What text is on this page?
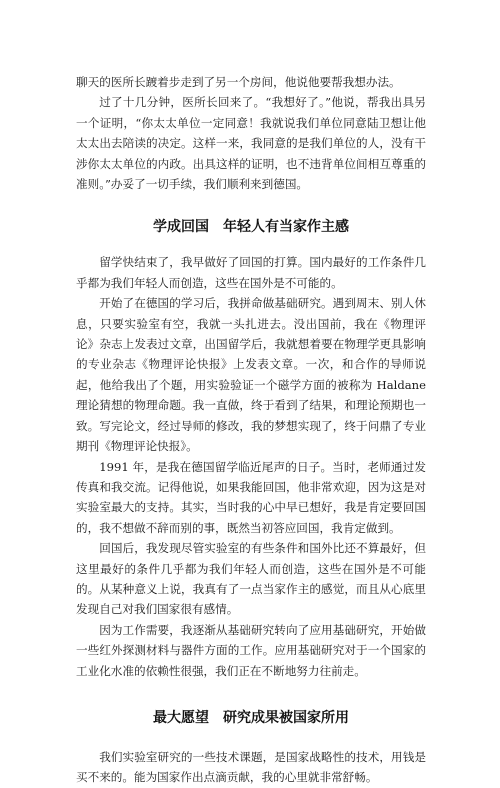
聊天的医所长踱着步走到了另一个房间，他说他要帮我想办法。

过了十几分钟，医所长回来了。“我想好了。”他说，帮我出具另一个证明，“你太太单位一定同意！我就说我们单位同意陆卫想让他太太出去陪读的决定。这样一来，我同意的是我们单位的人，没有干涉你太太单位的内政。出具这样的证明，也不违背单位间相互尊重的准则。”办妥了一切手续，我们顺利来到德国。

学成回国　年轻人有当家作主感

留学快结束了，我早做好了回国的打算。国内最好的工作条件几乎都为我们年轻人而创造，这些在国外是不可能的。

开始了在德国的学习后，我拼命做基础研究。遇到周末、别人休息，只要实验室有空，我就一头扎进去。没出国前，我在《物理评论》杂志上发表过文章，出国留学后，我就想着要在物理学更具影响的专业杂志《物理评论快报》上发表文章。一次，和合作的导师说起，他给我出了个题，用实验验证一个磁学方面的被称为 Haldane 理论猜想的物理命题。我一直做，终于看到了结果，和理论预期也一致。写完论文，经过导师的修改，我的梦想实现了，终于问鼎了专业期刊《物理评论快报》。

1991 年，是我在德国留学临近尾声的日子。当时，老师通过发传真和我交流。记得他说，如果我能回国，他非常欢迎，因为这是对实验室最大的支持。其实，当时我的心中早已想好，我是肯定要回国的，我不想做不辞而别的事，既然当初答应回国，我肯定做到。

回国后，我发现尽管实验室的有些条件和国外比还不算最好，但这里最好的条件几乎都为我们年轻人而创造，这些在国外是不可能的。从某种意义上说，我真有了一点当家作主的感觉，而且从心底里发现自己对我们国家很有感情。

因为工作需要，我逐渐从基础研究转向了应用基础研究，开始做一些红外探测材料与器件方面的工作。应用基础研究对于一个国家的工业化水准的依赖性很强，我们正在不断地努力往前走。

最大愿望　研究成果被国家所用

我们实验室研究的一些技术课题，是国家战略性的技术，用钱是买不来的。能为国家作出点滴贡献，我的心里就非常舒畅。
